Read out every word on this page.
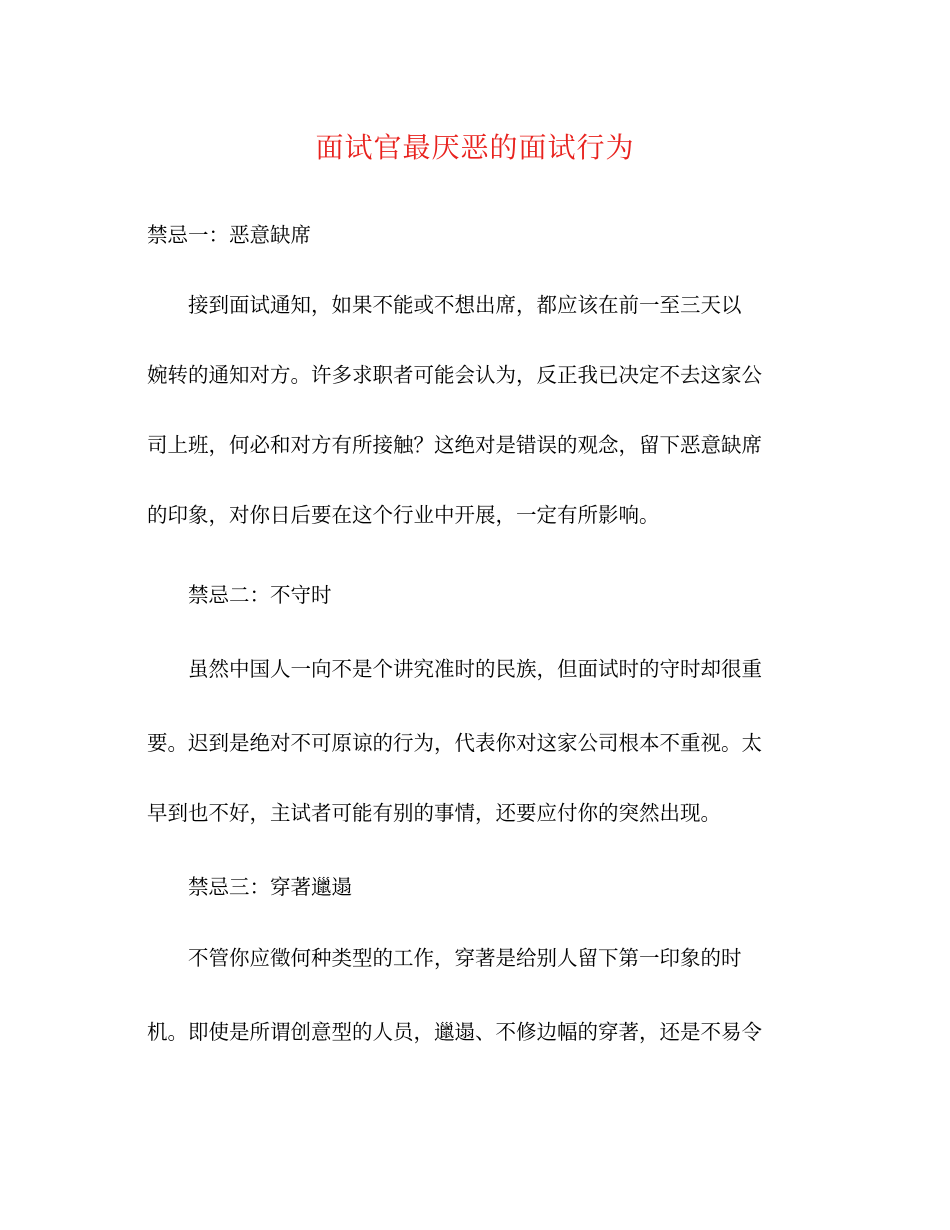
面试官最厌恶的面试行为
禁忌一：恶意缺席
接到面试通知，如果不能或不想出席，都应该在前一至三天以
婉转的通知对方。许多求职者可能会认为，反正我已决定不去这家公
司上班，何必和对方有所接触？这绝对是错误的观念，留下恶意缺席
的印象，对你日后要在这个行业中开展，一定有所影响。
禁忌二：不守时
虽然中国人一向不是个讲究准时的民族，但面试时的守时却很重
要。迟到是绝对不可原谅的行为，代表你对这家公司根本不重视。太
早到也不好，主试者可能有别的事情，还要应付你的突然出现。
禁忌三：穿著邋遢
不管你应徵何种类型的工作，穿著是给别人留下第一印象的时
机。即使是所谓创意型的人员，邋遢、不修边幅的穿著，还是不易令
